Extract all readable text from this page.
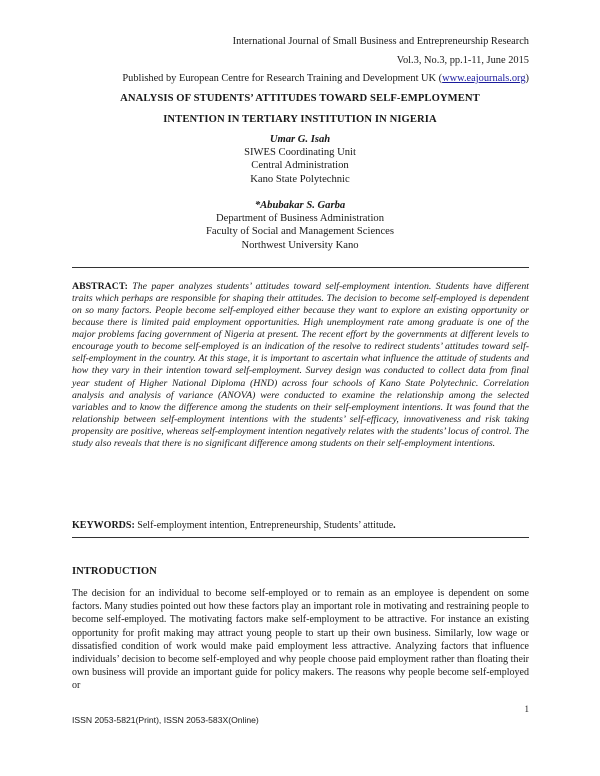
International Journal of Small Business and Entrepreneurship Research
Vol.3, No.3, pp.1-11, June 2015
Published by European Centre for Research Training and Development UK (www.eajournals.org)
ANALYSIS OF STUDENTS’ ATTITUDES TOWARD SELF-EMPLOYMENT
INTENTION IN TERTIARY INSTITUTION IN NIGERIA
Umar G. Isah
SIWES Coordinating Unit
Central Administration
Kano State Polytechnic
*Abubakar S. Garba
Department of Business Administration
Faculty of Social and Management Sciences
Northwest University Kano
ABSTRACT: The paper analyzes students’ attitudes toward self-employment intention. Students have different traits which perhaps are responsible for shaping their attitudes. The decision to become self-employed is dependent on so many factors. People become self-employed either because they want to explore an existing opportunity or because there is limited paid employment opportunities. High unemployment rate among graduate is one of the major problems facing government of Nigeria at present. The recent effort by the governments at different levels to encourage youth to become self-employed is an indication of the resolve to redirect students’ attitudes toward self-self-employment in the country. At this stage, it is important to ascertain what influence the attitude of students and how they vary in their intention toward self-employment. Survey design was conducted to collect data from final year student of Higher National Diploma (HND) across four schools of Kano State Polytechnic. Correlation analysis and analysis of variance (ANOVA) were conducted to examine the relationship among the selected variables and to know the difference among the students on their self-employment intentions. It was found that the relationship between self-employment intentions with the students’ self-efficacy, innovativeness and risk taking propensity are positive, whereas self-employment intention negatively relates with the students’ locus of control. The study also reveals that there is no significant difference among students on their self-employment intentions.
KEYWORDS: Self-employment intention, Entrepreneurship, Students’ attitude.
INTRODUCTION
The decision for an individual to become self-employed or to remain as an employee is dependent on some factors. Many studies pointed out how these factors play an important role in motivating and restraining people to become self-employed. The motivating factors make self-employment to be attractive. For instance an existing opportunity for profit making may attract young people to start up their own business. Similarly, low wage or dissatisfied condition of work would make paid employment less attractive. Analyzing factors that influence individuals’ decision to become self-employed and why people choose paid employment rather than floating their own business will provide an important guide for policy makers. The reasons why people become self-employed or
1
ISSN 2053-5821(Print), ISSN 2053-583X(Online)
